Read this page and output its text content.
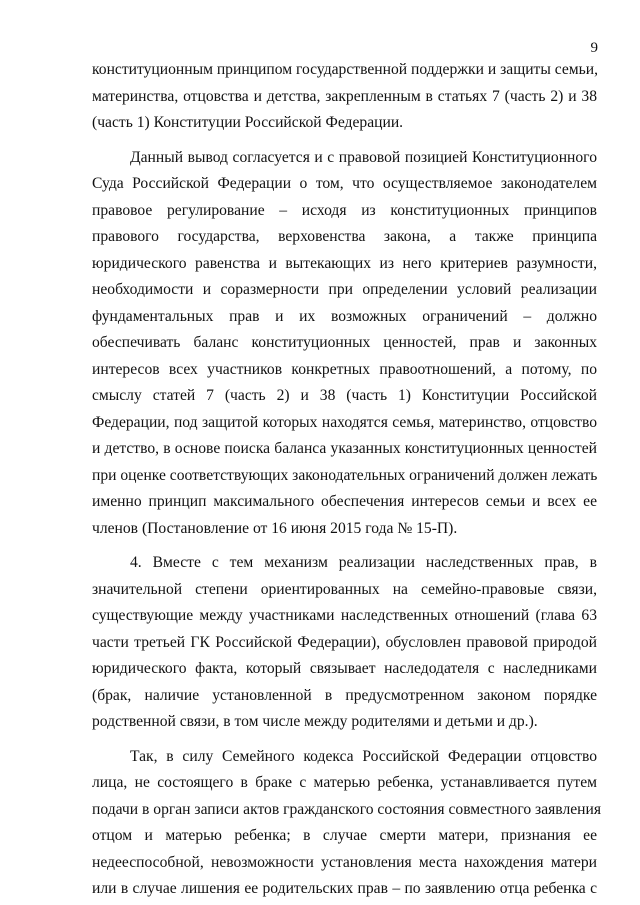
9
конституционным принципом государственной поддержки и защиты семьи,
материнства, отцовства и детства, закрепленным в статьях 7 (часть 2) и 38
(часть 1) Конституции Российской Федерации.
Данный вывод согласуется и с правовой позицией Конституционного
Суда Российской Федерации о том, что осуществляемое законодателем
правовое регулирование – исходя из конституционных принципов
правового государства, верховенства закона, а также принципа
юридического равенства и вытекающих из него критериев разумности,
необходимости и соразмерности при определении условий реализации
фундаментальных прав и их возможных ограничений – должно
обеспечивать баланс конституционных ценностей, прав и законных
интересов всех участников конкретных правоотношений, а потому, по
смыслу статей 7 (часть 2) и 38 (часть 1) Конституции Российской
Федерации, под защитой которых находятся семья, материнство, отцовство
и детство, в основе поиска баланса указанных конституционных ценностей
при оценке соответствующих законодательных ограничений должен лежать
именно принцип максимального обеспечения интересов семьи и всех ее
членов (Постановление от 16 июня 2015 года № 15-П).
4. Вместе с тем механизм реализации наследственных прав, в
значительной степени ориентированных на семейно-правовые связи,
существующие между участниками наследственных отношений (глава 63
части третьей ГК Российской Федерации), обусловлен правовой природой
юридического факта, который связывает наследодателя с наследниками
(брак, наличие установленной в предусмотренном законом порядке
родственной связи, в том числе между родителями и детьми и др.).
Так, в силу Семейного кодекса Российской Федерации отцовство
лица, не состоящего в браке с матерью ребенка, устанавливается путем
подачи в орган записи актов гражданского состояния совместного заявления
отцом и матерью ребенка; в случае смерти матери, признания ее
недееспособной, невозможности установления места нахождения матери
или в случае лишения ее родительских прав – по заявлению отца ребенка с
